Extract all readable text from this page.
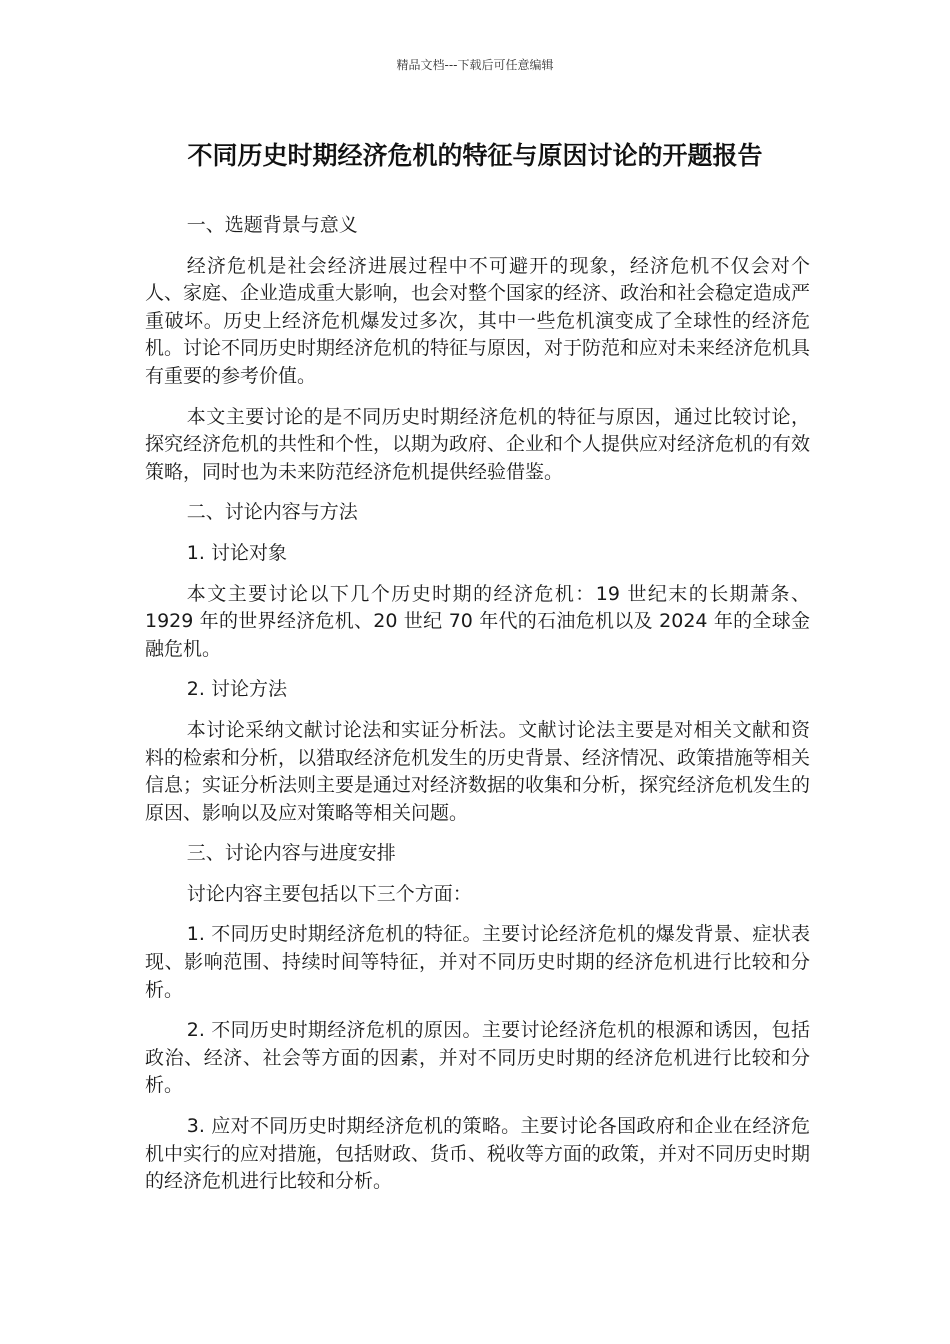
精品文档---下载后可任意编辑
不同历史时期经济危机的特征与原因讨论的开题报告

一、选题背景与意义

经济危机是社会经济进展过程中不可避开的现象，经济危机不仅会对个人、家庭、企业造成重大影响，也会对整个国家的经济、政治和社会稳定造成严重破坏。历史上经济危机爆发过多次，其中一些危机演变成了全球性的经济危机。讨论不同历史时期经济危机的特征与原因，对于防范和应对未来经济危机具有重要的参考价值。

本文主要讨论的是不同历史时期经济危机的特征与原因，通过比较讨论，探究经济危机的共性和个性，以期为政府、企业和个人提供应对经济危机的有效策略，同时也为未来防范经济危机提供经验借鉴。

二、讨论内容与方法

1. 讨论对象

本文主要讨论以下几个历史时期的经济危机：19 世纪末的长期萧条、1929 年的世界经济危机、20 世纪 70 年代的石油危机以及 2024 年的全球金融危机。

2. 讨论方法

本讨论采纳文献讨论法和实证分析法。文献讨论法主要是对相关文献和资料的检索和分析，以猎取经济危机发生的历史背景、经济情况、政策措施等相关信息；实证分析法则主要是通过对经济数据的收集和分析，探究经济危机发生的原因、影响以及应对策略等相关问题。

三、讨论内容与进度安排

讨论内容主要包括以下三个方面：

1. 不同历史时期经济危机的特征。主要讨论经济危机的爆发背景、症状表现、影响范围、持续时间等特征，并对不同历史时期的经济危机进行比较和分析。

2. 不同历史时期经济危机的原因。主要讨论经济危机的根源和诱因，包括政治、经济、社会等方面的因素，并对不同历史时期的经济危机进行比较和分析。

3. 应对不同历史时期经济危机的策略。主要讨论各国政府和企业在经济危机中实行的应对措施，包括财政、货币、税收等方面的政策，并对不同历史时期的经济危机进行比较和分析。
